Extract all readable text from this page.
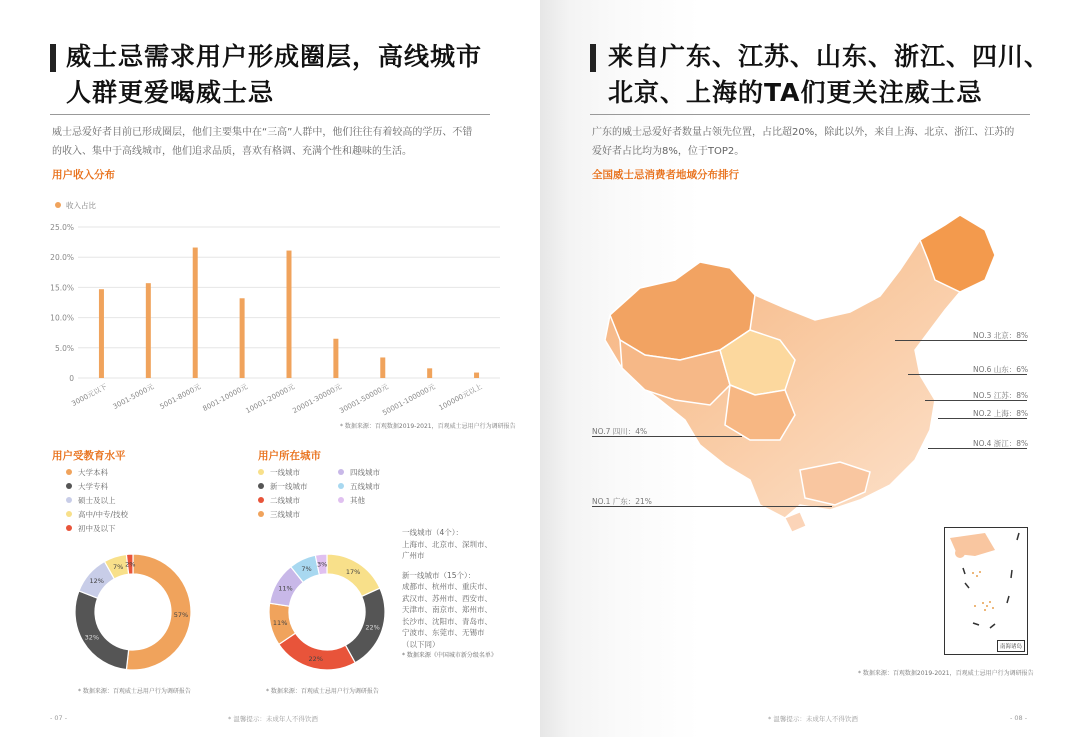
威士忌需求用户形成圈层，高线城市
人群更爱喝威士忌
威士忌爱好者目前已形成圈层，他们主要集中在“三高”人群中，他们往往有着较高的学历、不错
的收入、集中于高线城市，他们追求品质，喜欢有格调、充满个性和趣味的生活。
用户收入分布
收入占比
0
5.0%
10.0%
15.0%
20.0%
25.0%
3000元以下 3001-5000元 5001-8000元 8001-10000元
10001-20000元
20001-30000元
30001-50000元
50001-100000元 100000元以上
* 数据来源：百观数据2019-2021，百观威士忌用户行为调研报告
用户受教育水平
大学本科
大学专科
硕士及以上
高中/中专/技校
初中及以下
57%
32%
12%
7% 2%
* 数据来源：百观威士忌用户行为调研报告
用户所在城市
一线城市	四线城市
新一线城市	五线城市
二线城市	其他
三线城市
17%
22%
22%
11%
11%
7%
3%
* 数据来源：百观威士忌用户行为调研报告
一线城市（4个）：
上海市、北京市、深圳市、
广州市
新一线城市（15个）：
成都市、杭州市、重庆市、
武汉市、苏州市、西安市、
天津市、南京市、郑州市、
长沙市、沈阳市、青岛市、
宁波市、东莞市、无锡市
（以下同）
* 数据来源《中国城市新分级名单》
- 07 -	* 温馨提示：未成年人不得饮酒
来自广东、江苏、山东、浙江、四川、
北京、上海的TA们更关注威士忌
广东的威士忌爱好者数量占领先位置，占比超20%，除此以外，来自上海、北京、浙江、江苏的
爱好者占比均为8%，位于TOP2。
全国威士忌消费者地域分布排行
NO.3 北京：8%
NO.6 山东：6%
NO.5 江苏：8%
NO.2 上海：8%
NO.4 浙江：8%
NO.7 四川：4%
NO.1 广东：21%
南海诸岛
* 数据来源：百观数据2019-2021，百观威士忌用户行为调研报告
* 温馨提示：未成年人不得饮酒	- 08 -
